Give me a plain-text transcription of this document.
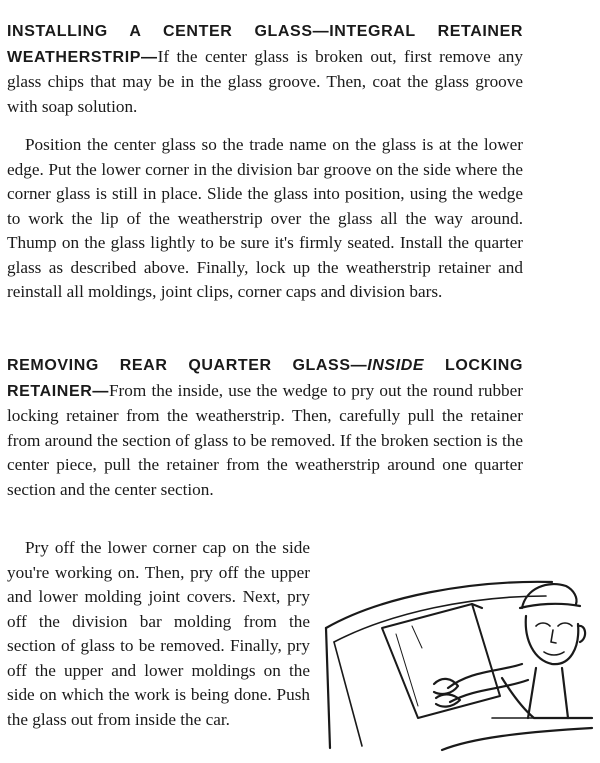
INSTALLING A CENTER GLASS—INTEGRAL RETAINER WEATHERSTRIP—If the center glass is broken out, first remove any glass chips that may be in the glass groove. Then, coat the glass groove with soap solution.

Position the center glass so the trade name on the glass is at the lower edge. Put the lower corner in the division bar groove on the side where the corner glass is still in place. Slide the glass into position, using the wedge to work the lip of the weatherstrip over the glass all the way around. Thump on the glass lightly to be sure it's firmly seated. Install the quarter glass as described above. Finally, lock up the weatherstrip retainer and reinstall all moldings, joint clips, corner caps and division bars.

REMOVING REAR QUARTER GLASS—INSIDE LOCKING RETAINER—From the inside, use the wedge to pry out the round rubber locking retainer from the weatherstrip. Then, carefully pull the retainer from around the section of glass to be removed. If the broken section is the center piece, pull the retainer from the weatherstrip around one quarter section and the center section.

Pry off the lower corner cap on the side you're working on. Then, pry off the upper and lower molding joint covers. Next, pry off the division bar molding from the section of glass to be removed. Finally, pry off the upper and lower moldings on the side on which the work is being done. Push the glass out from inside the car.
